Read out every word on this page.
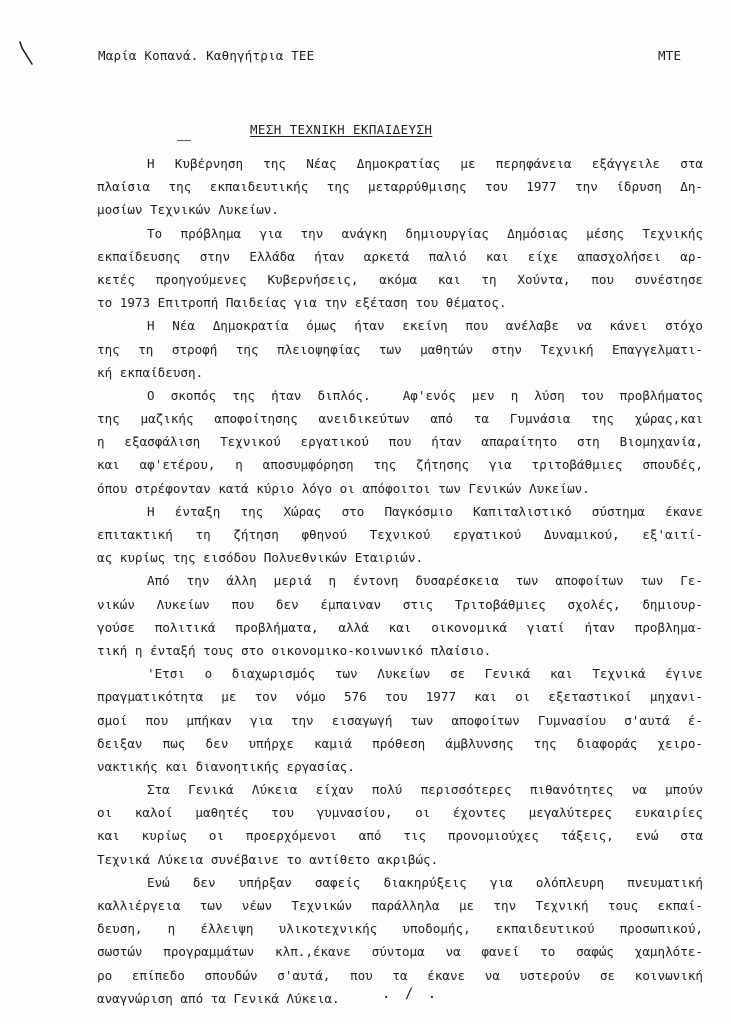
Μαρία Κοπανά. Καθηγήτρια ΤΕΕ	ΜΤΕ
ΜΕΣΗ ΤΕΧΝΙΚΗ ΕΚΠΑΙΔΕΥΣΗ
Η Κυβέρνηση της Νέας Δημοκρατίας με περηφάνεια εξάγγειλε στα
πλαίσια της εκπαιδευτικής της μεταρρύθμισης του 1977 την ίδρυση Δη-
μοσίων Τεχνικών Λυκείων.
Το πρόβλημα για την ανάγκη δημιουργίας Δημόσιας μέσης Τεχνικής
εκπαίδευσης στην Ελλάδα ήταν αρκετά παλιό και είχε απασχολήσει αρ-
κετές προηγούμενες Κυβερνήσεις, ακόμα και τη Χούντα, που συνέστησε
το 1973 Επιτροπή Παιδείας για την εξέταση του θέματος.
Η Νέα Δημοκρατία όμως ήταν εκείνη που ανέλαβε να κάνει στόχο
της τη στροφή της πλειοψηφίας των μαθητών στην Τεχνική Επαγγελματι-
κή εκπαίδευση.
Ο σκοπός της ήταν διπλός.  Αφ'ενός μεν η λύση του προβλήματος
της μαζικής αποφοίτησης ανειδικεύτων από τα Γυμνάσια της χώρας,και
η εξασφάλιση Τεχνικού εργατικού που ήταν απαραίτητο στη Βιομηχανία,
και αφ'ετέρου, η αποσυμφόρηση της ζήτησης για τριτοβάθμιες σπουδές,
όπου στρέφονταν κατά κύριο λόγο οι απόφοιτοι των Γενικών Λυκείων.
Η ένταξη της Χώρας στο Παγκόσμιο Καπιταλιστικό σύστημα έκανε
επιτακτική τη ζήτηση φθηνού Τεχνικού εργατικού Δυναμικού, εξ'αιτί-
ας κυρίως της εισόδου Πολυεθνικών Εταιριών.
Από την άλλη μεριά η έντονη δυσαρέσκεια των αποφοίτων των Γε-
νικών Λυκείων που δεν έμπαιναν στις Τριτοβάθμιες σχολές, δημιουρ-
γούσε πολιτικά προβλήματα, αλλά και οικονομικά γιατί ήταν προβλημα-
τική η ένταξή τους στο οικονομικο-κοινωνικό πλαίσιο.
'Ετσι ο διαχωρισμός των Λυκείων σε Γενικά και Τεχνικά έγινε
πραγματικότητα με τον νόμο 576 του 1977 και οι εξεταστικοί μηχανι-
σμοί που μπήκαν για την εισαγωγή των αποφοίτων Γυμνασίου σ'αυτά έ-
δειξαν πως δεν υπήρχε καμιά πρόθεση άμβλυνσης της διαφοράς χειρο-
νακτικής και διανοητικής εργασίας.
Στα Γενικά Λύκεια είχαν πολύ περισσότερες πιθανότητες να μπούν
οι καλοί μαθητές του γυμνασίου, οι έχοντες μεγαλύτερες ευκαιρίες
και κυρίως οι προερχόμενοι από τις προνομιούχες τάξεις, ενώ στα
Τεχνικά Λύκεια συνέβαινε το αντίθετο ακριβώς.
Ενώ δεν υπήρξαν σαφείς διακηρύξεις για ολόπλευρη πνευματική
καλλιέργεια των νέων Τεχνικών παράλληλα με την Τεχνική τους εκπαί-
δευση, η έλλειψη υλικοτεχνικής υποδομής, εκπαιδευτικού προσωπικού,
σωστών προγραμμάτων κλπ.,έκανε σύντομα να φανεί το σαφώς χαμηλότε-
ρο επίπεδο σπουδών σ'αυτά, που τα έκανε να υστερούν σε κοινωνική
αναγνώριση από τα Γενικά Λύκεια.	. / .
